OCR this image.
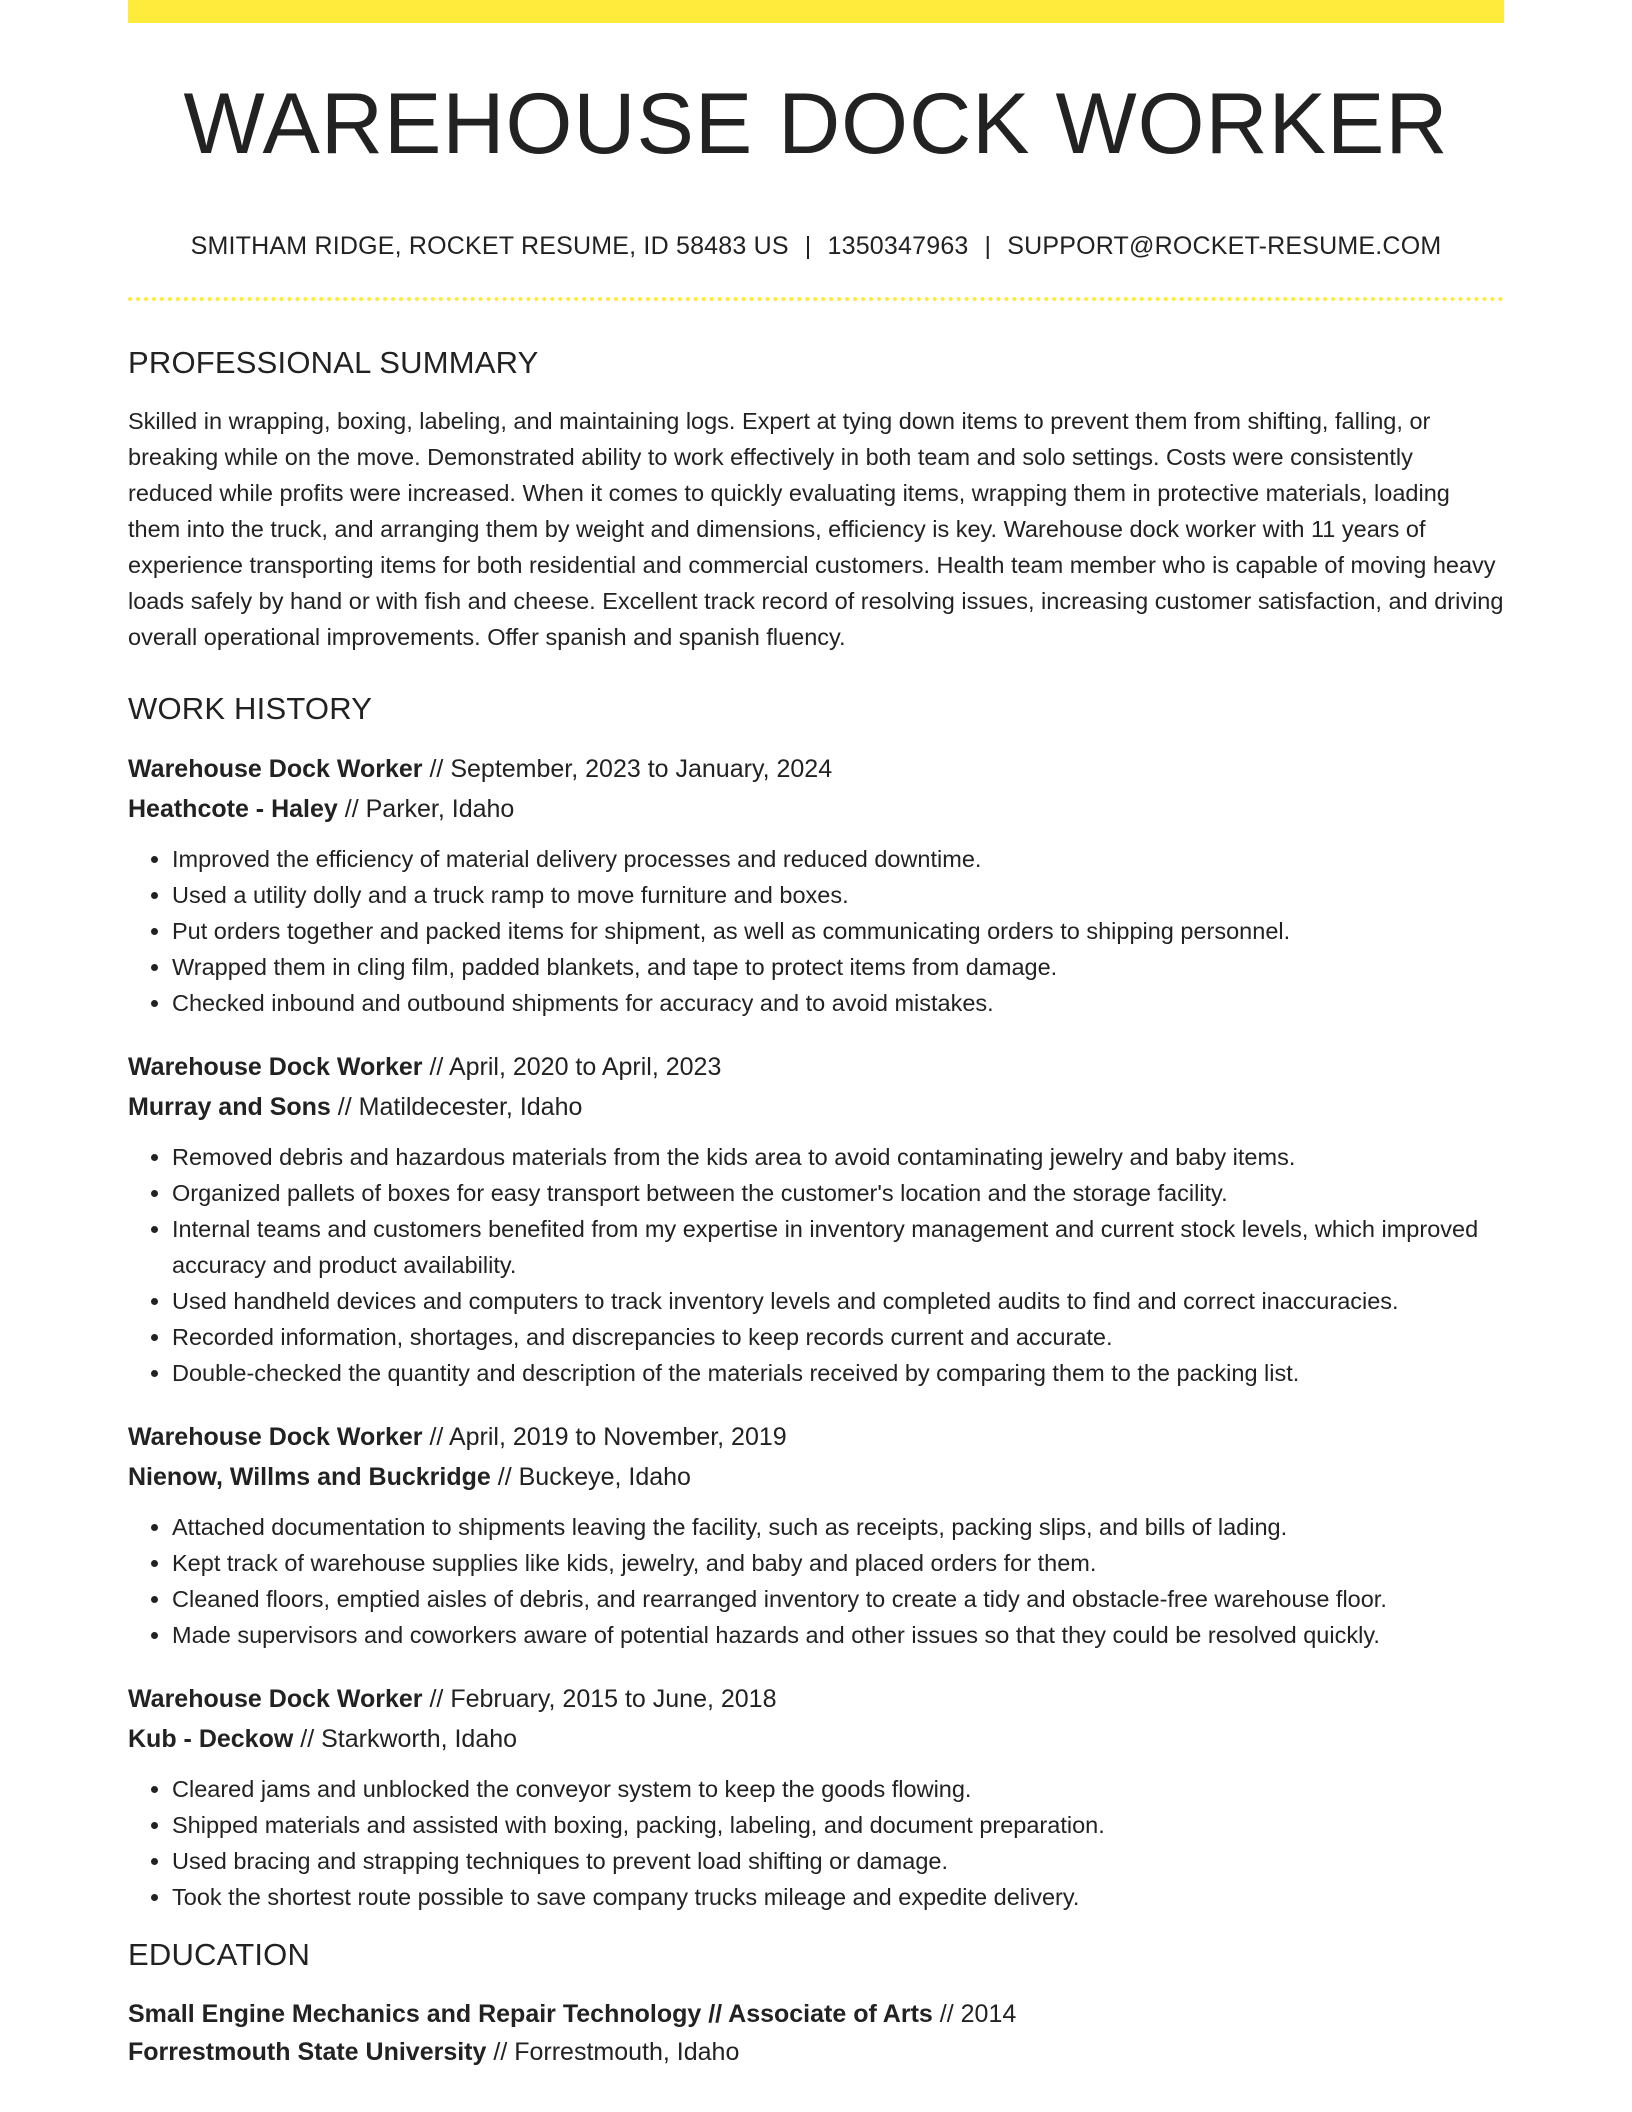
WAREHOUSE DOCK WORKER
SMITHAM RIDGE, ROCKET RESUME, ID 58483 US | 1350347963 | SUPPORT@ROCKET-RESUME.COM
PROFESSIONAL SUMMARY

Skilled in wrapping, boxing, labeling, and maintaining logs. Expert at tying down items to prevent them from shifting, falling, or breaking while on the move. Demonstrated ability to work effectively in both team and solo settings. Costs were consistently reduced while profits were increased. When it comes to quickly evaluating items, wrapping them in protective materials, loading them into the truck, and arranging them by weight and dimensions, efficiency is key. Warehouse dock worker with 11 years of experience transporting items for both residential and commercial customers. Health team member who is capable of moving heavy loads safely by hand or with fish and cheese. Excellent track record of resolving issues, increasing customer satisfaction, and driving overall operational improvements. Offer spanish and spanish fluency.

WORK HISTORY
Warehouse Dock Worker // September, 2023 to January, 2024
Heathcote - Haley // Parker, Idaho
• Improved the efficiency of material delivery processes and reduced downtime.
• Used a utility dolly and a truck ramp to move furniture and boxes.
• Put orders together and packed items for shipment, as well as communicating orders to shipping personnel.
• Wrapped them in cling film, padded blankets, and tape to protect items from damage.
• Checked inbound and outbound shipments for accuracy and to avoid mistakes.
Warehouse Dock Worker // April, 2020 to April, 2023
Murray and Sons // Matildecester, Idaho
• Removed debris and hazardous materials from the kids area to avoid contaminating jewelry and baby items.
• Organized pallets of boxes for easy transport between the customer's location and the storage facility.
• Internal teams and customers benefited from my expertise in inventory management and current stock levels, which improved accuracy and product availability.
• Used handheld devices and computers to track inventory levels and completed audits to find and correct inaccuracies.
• Recorded information, shortages, and discrepancies to keep records current and accurate.
• Double-checked the quantity and description of the materials received by comparing them to the packing list.
Warehouse Dock Worker // April, 2019 to November, 2019
Nienow, Willms and Buckridge // Buckeye, Idaho
• Attached documentation to shipments leaving the facility, such as receipts, packing slips, and bills of lading.
• Kept track of warehouse supplies like kids, jewelry, and baby and placed orders for them.
• Cleaned floors, emptied aisles of debris, and rearranged inventory to create a tidy and obstacle-free warehouse floor.
• Made supervisors and coworkers aware of potential hazards and other issues so that they could be resolved quickly.
Warehouse Dock Worker // February, 2015 to June, 2018
Kub - Deckow // Starkworth, Idaho
• Cleared jams and unblocked the conveyor system to keep the goods flowing.
• Shipped materials and assisted with boxing, packing, labeling, and document preparation.
• Used bracing and strapping techniques to prevent load shifting or damage.
• Took the shortest route possible to save company trucks mileage and expedite delivery.
EDUCATION
Small Engine Mechanics and Repair Technology // Associate of Arts // 2014
Forrestmouth State University // Forrestmouth, Idaho
